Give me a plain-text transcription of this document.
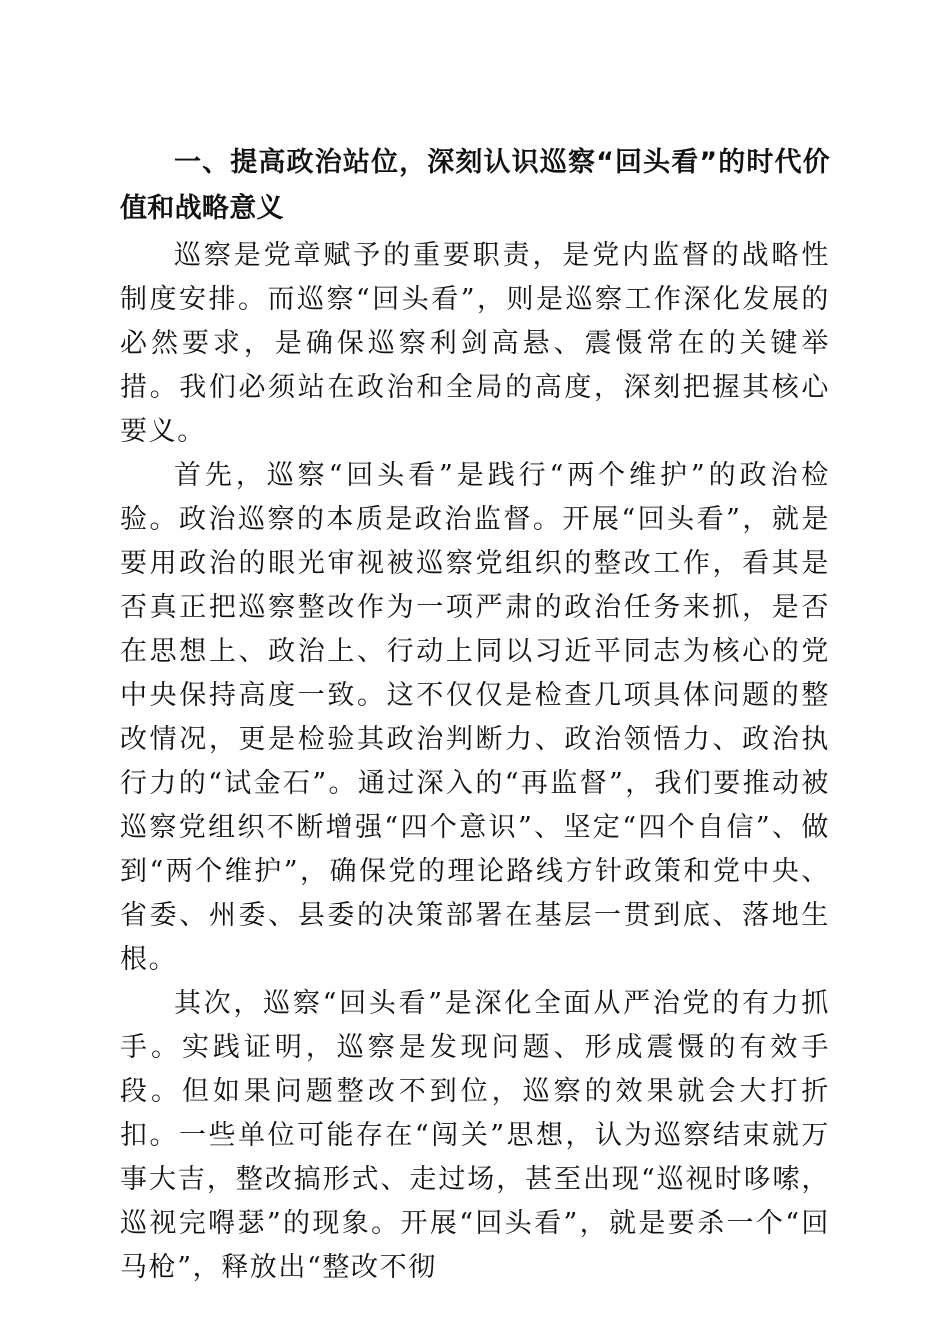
一、提高政治站位，深刻认识巡察“回头看”的时代价值和战略意义

巡察是党章赋予的重要职责，是党内监督的战略性制度安排。而巡察“回头看”，则是巡察工作深化发展的必然要求，是确保巡察利剑高悬、震慑常在的关键举措。我们必须站在政治和全局的高度，深刻把握其核心要义。

首先，巡察“回头看”是践行“两个维护”的政治检验。政治巡察的本质是政治监督。开展“回头看”，就是要用政治的眼光审视被巡察党组织的整改工作，看其是否真正把巡察整改作为一项严肃的政治任务来抓，是否在思想上、政治上、行动上同以习近平同志为核心的党中央保持高度一致。这不仅仅是检查几项具体问题的整改情况，更是检验其政治判断力、政治领悟力、政治执行力的“试金石”。通过深入的“再监督”，我们要推动被巡察党组织不断增强“四个意识”、坚定“四个自信”、做到“两个维护”，确保党的理论路线方针政策和党中央、省委、州委、县委的决策部署在基层一贯到底、落地生根。

其次，巡察“回头看”是深化全面从严治党的有力抓手。实践证明，巡察是发现问题、形成震慑的有效手段。但如果问题整改不到位，巡察的效果就会大打折扣。一些单位可能存在“闯关”思想，认为巡察结束就万事大吉，整改搞形式、走过场，甚至出现“巡视时哆嗦，巡视完嘚瑟”的现象。开展“回头看”，就是要杀一个“回马枪”，释放出“整改不彻
